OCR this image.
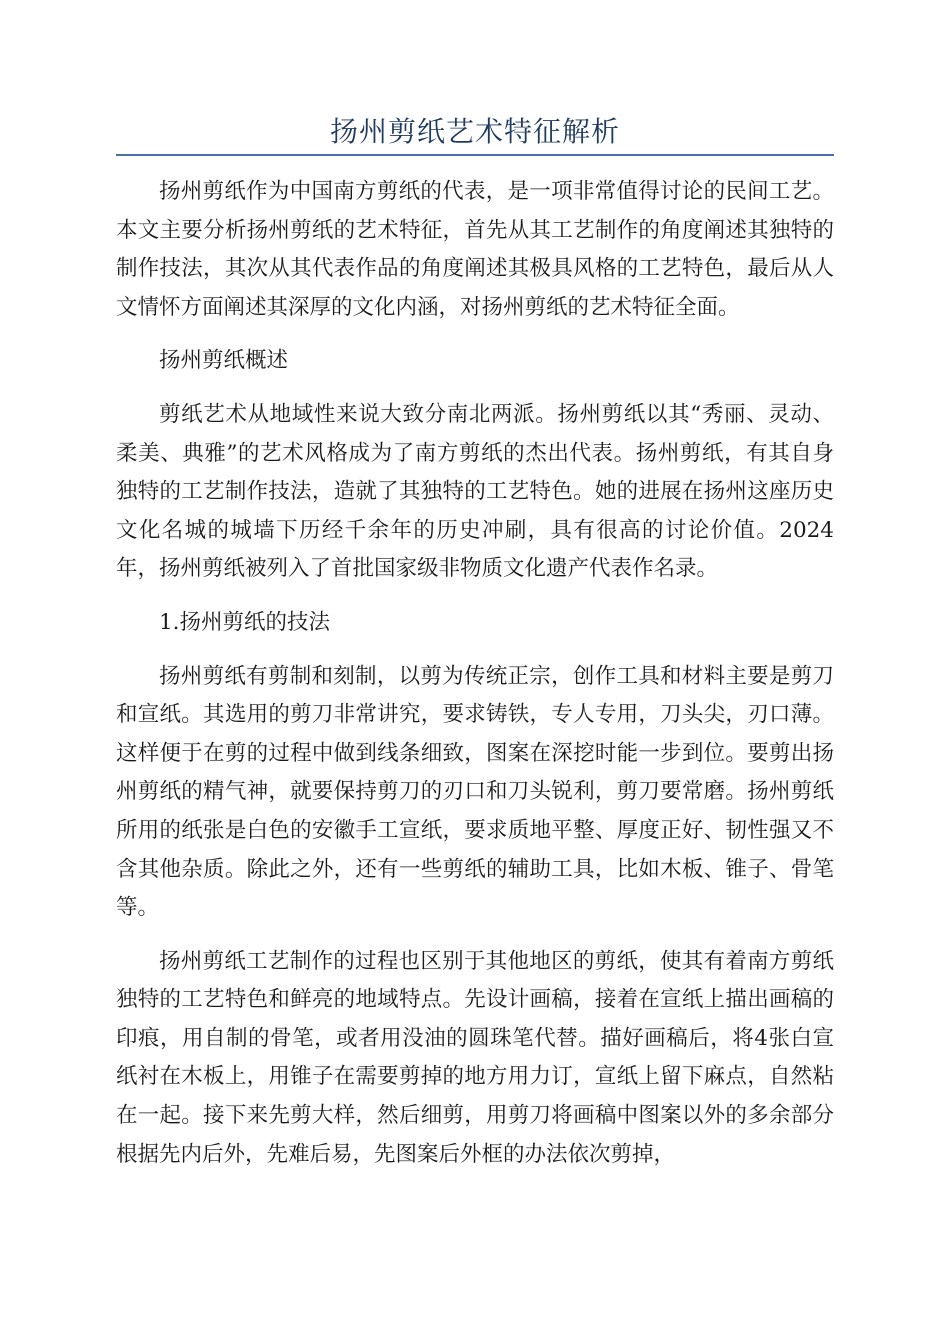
扬州剪纸艺术特征解析

扬州剪纸作为中国南方剪纸的代表，是一项非常值得讨论的民间工艺。本文主要分析扬州剪纸的艺术特征，首先从其工艺制作的角度阐述其独特的制作技法，其次从其代表作品的角度阐述其极具风格的工艺特色，最后从人文情怀方面阐述其深厚的文化内涵，对扬州剪纸的艺术特征全面。

扬州剪纸概述

剪纸艺术从地域性来说大致分南北两派。扬州剪纸以其“秀丽、灵动、柔美、典雅”的艺术风格成为了南方剪纸的杰出代表。扬州剪纸，有其自身独特的工艺制作技法，造就了其独特的工艺特色。她的进展在扬州这座历史文化名城的城墙下历经千余年的历史冲刷，具有很高的讨论价值。2024年，扬州剪纸被列入了首批国家级非物质文化遗产代表作名录。

1.扬州剪纸的技法

扬州剪纸有剪制和刻制，以剪为传统正宗，创作工具和材料主要是剪刀和宣纸。其选用的剪刀非常讲究，要求铸铁，专人专用，刀头尖，刃口薄。这样便于在剪的过程中做到线条细致，图案在深挖时能一步到位。要剪出扬州剪纸的精气神，就要保持剪刀的刃口和刀头锐利，剪刀要常磨。扬州剪纸所用的纸张是白色的安徽手工宣纸，要求质地平整、厚度正好、韧性强又不含其他杂质。除此之外，还有一些剪纸的辅助工具，比如木板、锥子、骨笔等。

扬州剪纸工艺制作的过程也区别于其他地区的剪纸，使其有着南方剪纸独特的工艺特色和鲜亮的地域特点。先设计画稿，接着在宣纸上描出画稿的印痕，用自制的骨笔，或者用没油的圆珠笔代替。描好画稿后，将4张白宣纸衬在木板上，用锥子在需要剪掉的地方用力订，宣纸上留下麻点，自然粘在一起。接下来先剪大样，然后细剪，用剪刀将画稿中图案以外的多余部分根据先内后外，先难后易，先图案后外框的办法依次剪掉，
